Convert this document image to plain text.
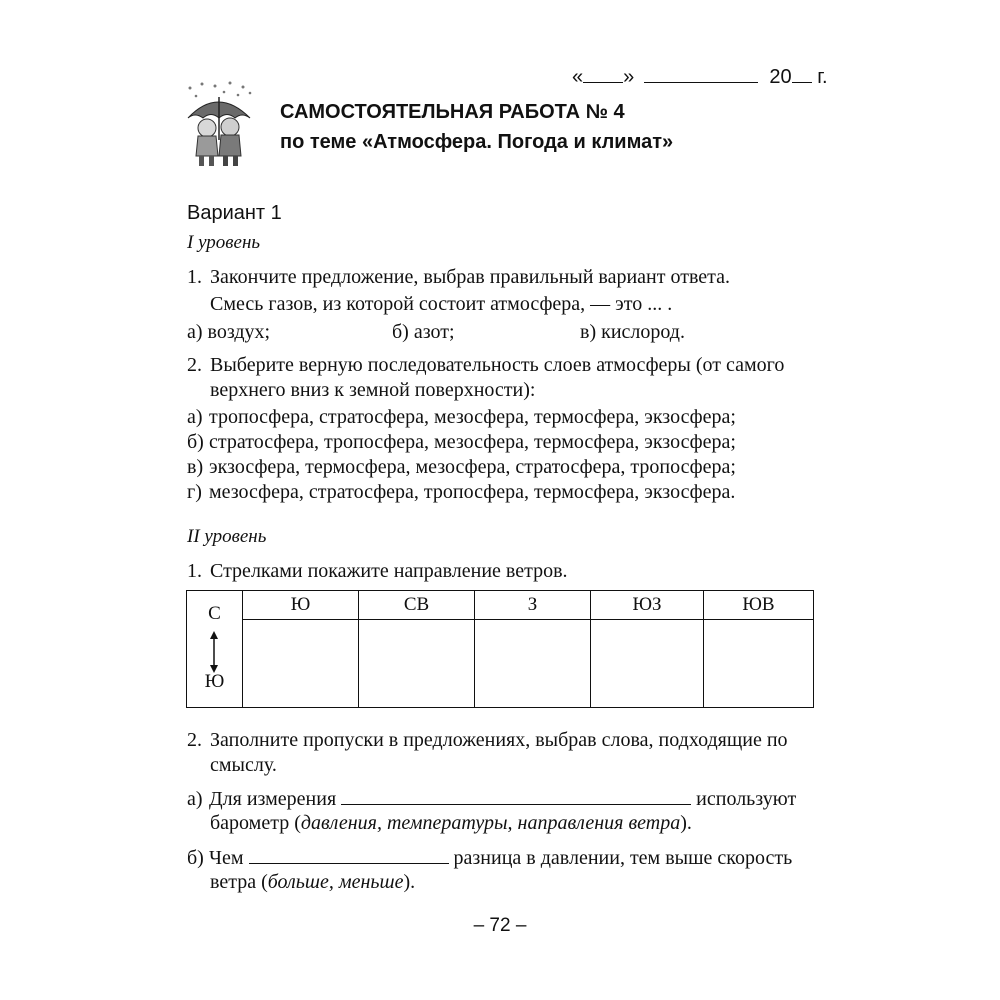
« »	20 г.
САМОСТОЯТЕЛЬНАЯ РАБОТА № 4
по теме «Атмосфера. Погода и климат»
Вариант 1
I уровень
1. Закончите предложение, выбрав правильный вариант ответа.
Смесь газов, из которой состоит атмосфера, — это ... .
а) воздух;	б) азот;	в) кислород.
2. Выберите верную последовательность слоев атмосферы (от самого
верхнего вниз к земной поверхности):
а) тропосфера, стратосфера, мезосфера, термосфера, экзосфера;
б) стратосфера, тропосфера, мезосфера, термосфера, экзосфера;
в) экзосфера, термосфера, мезосфера, стратосфера, тропосфера;
г) мезосфера, стратосфера, тропосфера, термосфера, экзосфера.
II уровень
1. Стрелками покажите направление ветров.
С
Ю	Ю	СВ	З	ЮЗ	ЮВ

2. Заполните пропуски в предложениях, выбрав слова, подходящие по
смыслу.
а) Для измерения	используют
барометр (давления, температуры, направления ветра).
б) Чем	разница в давлении, тем выше скорость
ветра (больше, меньше).
– 72 –
